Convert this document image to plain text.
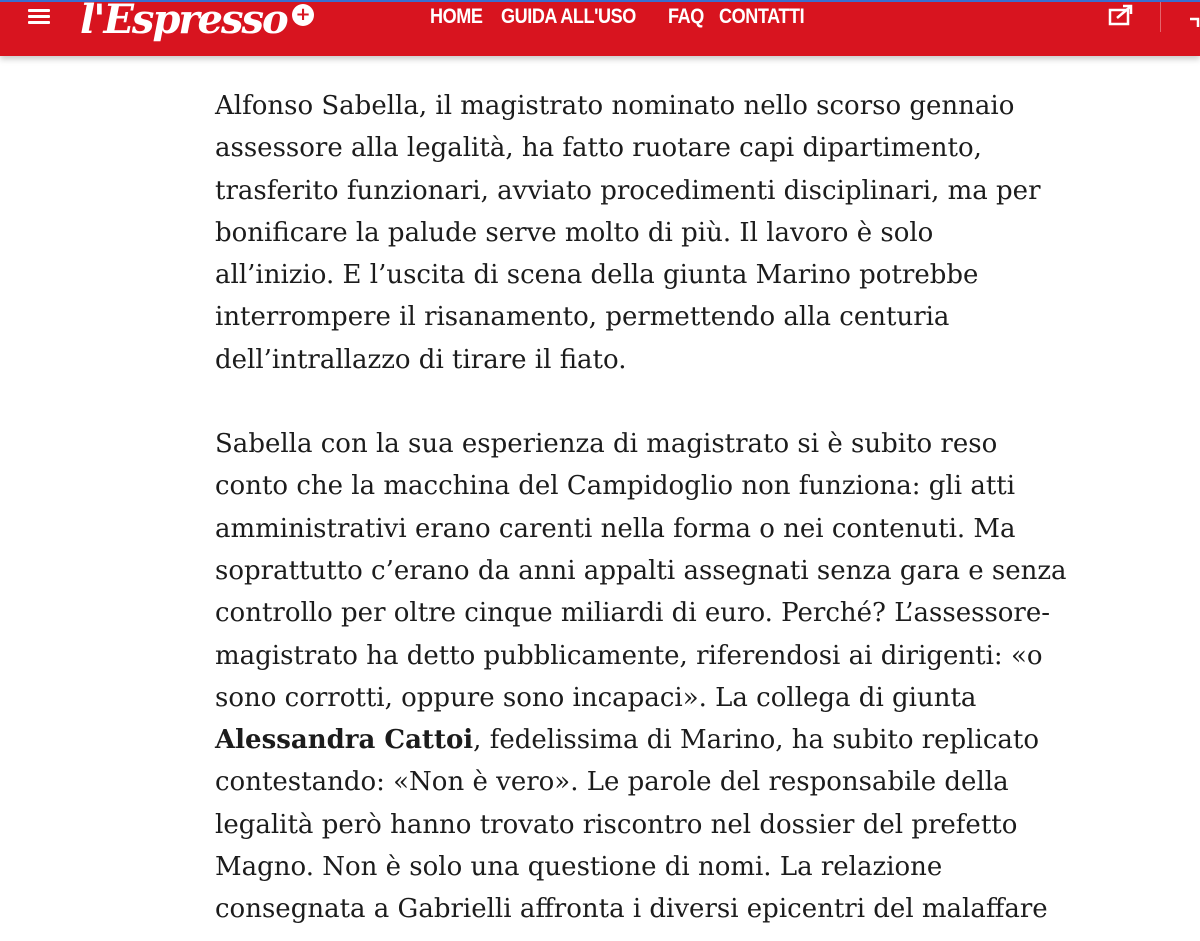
l'Espresso +	HOME GUIDA ALL'USO FAQ CONTATTI

Alfonso Sabella, il magistrato nominato nello scorso gennaio
assessore alla legalità, ha fatto ruotare capi dipartimento,
trasferito funzionari, avviato procedimenti disciplinari, ma per
bonificare la palude serve molto di più. Il lavoro è solo
all’inizio. E l’uscita di scena della giunta Marino potrebbe
interrompere il risanamento, permettendo alla centuria
dell’intrallazzo di tirare il fiato.

Sabella con la sua esperienza di magistrato si è subito reso
conto che la macchina del Campidoglio non funziona: gli atti
amministrativi erano carenti nella forma o nei contenuti. Ma
soprattutto c’erano da anni appalti assegnati senza gara e senza
controllo per oltre cinque miliardi di euro. Perché? L’assessore-
magistrato ha detto pubblicamente, riferendosi ai dirigenti: «o
sono corrotti, oppure sono incapaci». La collega di giunta
Alessandra Cattoi, fedelissima di Marino, ha subito replicato
contestando: «Non è vero». Le parole del responsabile della
legalità però hanno trovato riscontro nel dossier del prefetto
Magno. Non è solo una questione di nomi. La relazione
consegnata a Gabrielli affronta i diversi epicentri del malaffare
